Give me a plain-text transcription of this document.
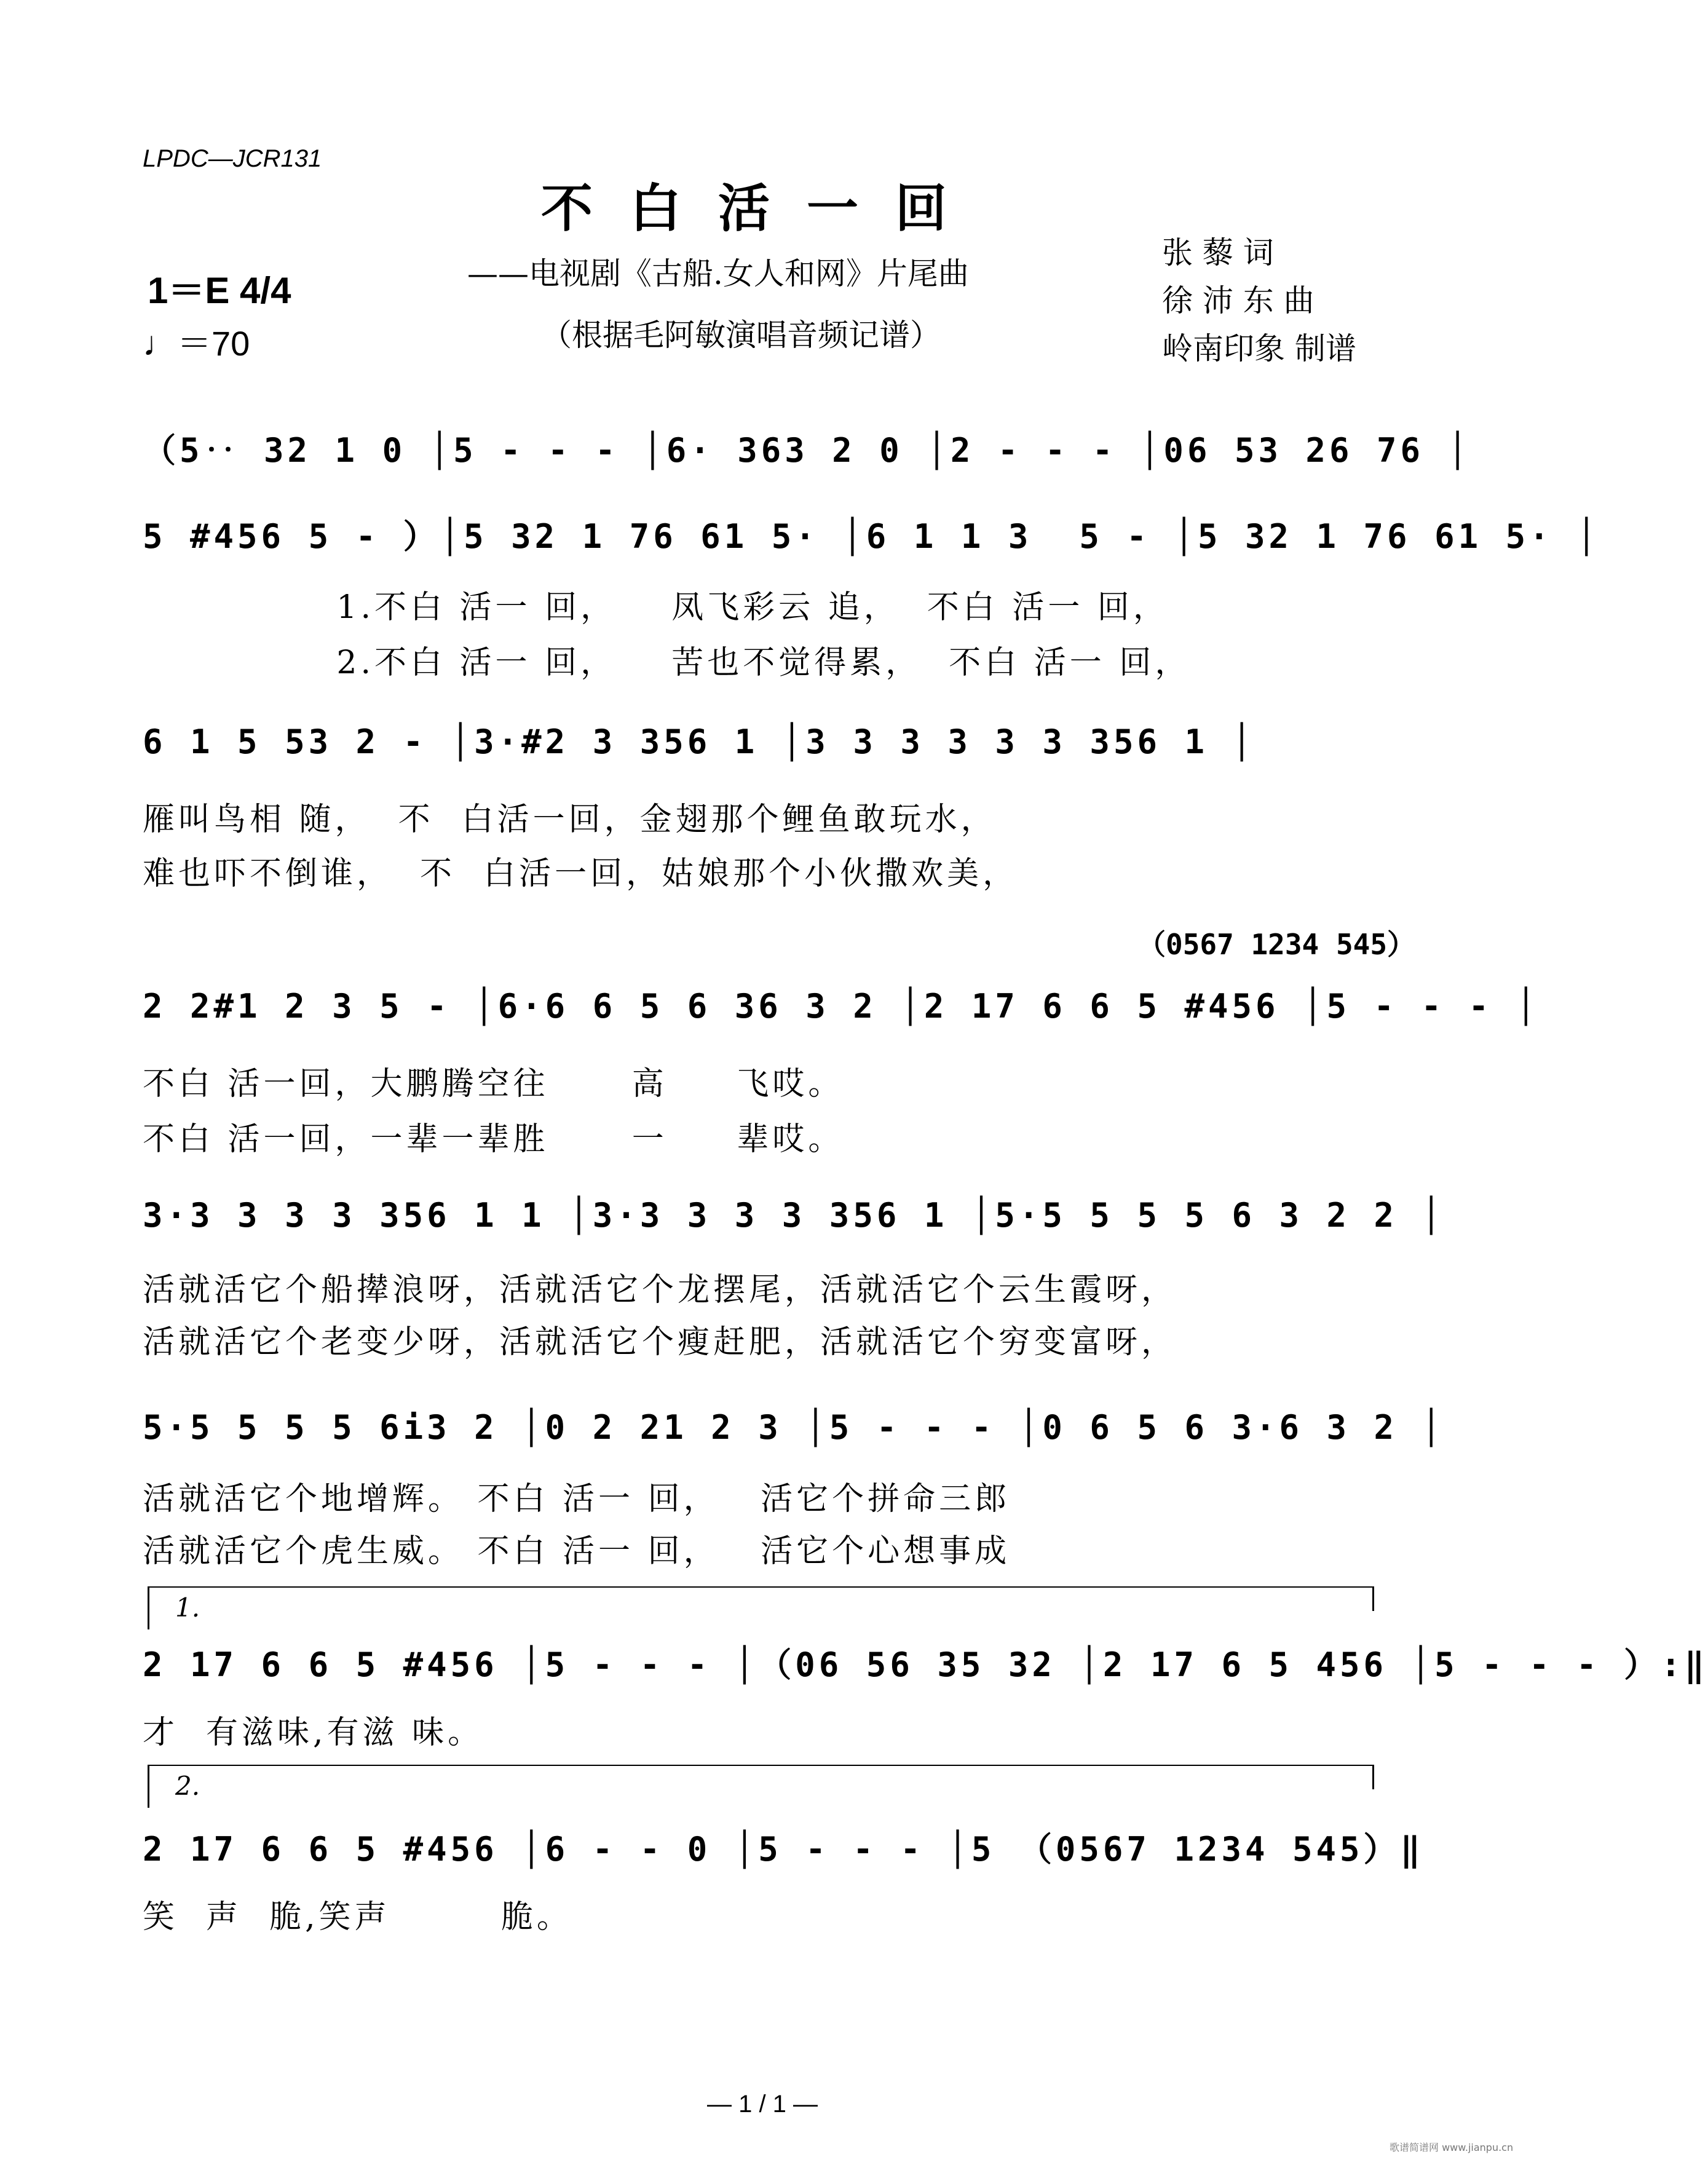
LPDC—JCR131
不白活一回
——电视剧《古船.女人和网》片尾曲
（根据毛阿敏演唱音频记谱）
张 藜 词
徐 沛 东 曲
岭南印象 制谱
1＝E 4/4
♩＝70
（5‥ 32 1 0 │5 - - - │6· 363 2 0 │2 - - - │06 53 26 76 │
5 #456 5 - ）│5 32 1 76 61 5· │6 1 1 3  5 - │5 32 1 76 61 5· │
1.不白 活一 回，    凤飞彩云 追，  不白 活一 回，
2.不白 活一 回，    苦也不觉得累，  不白 活一 回，
6 1 5 53 2 - │3·#2 3 356 1 │3 3 3 3 3 3 356 1 │
雁叫鸟相 随，  不  白活一回，金翅那个鲤鱼敢玩水，
难也吓不倒谁，  不  白活一回，姑娘那个小伙撒欢美，
（0567 1234 545）
2 2#1 2 3 5 - │6·6 6 5 6 36 3 2 │2 17 6 6 5 #456 │5 - - - │
不白 活一回，大鹏腾空往      高     飞哎。
不白 活一回，一辈一辈胜      一     辈哎。
3·3 3 3 3 356 1 1 │3·3 3 3 3 356 1 │5·5 5 5 5 6 3 2 2 │
活就活它个船撵浪呀，活就活它个龙摆尾，活就活它个云生霞呀，
活就活它个老变少呀，活就活它个瘦赶肥，活就活它个穷变富呀，
5·5 5 5 5 6i3 2 │0 2 21 2 3 │5 - - - │0 6 5 6 3·6 3 2 │
活就活它个地增辉。 不白 活一 回，   活它个拼命三郎
活就活它个虎生威。 不白 活一 回，   活它个心想事成
1.
2 17 6 6 5 #456 │5 - - - │（06 56 35 32 │2 17 6 5 456 │5 - - - ）:‖
才  有滋味,有滋 味。
2.
2 17 6 6 5 #456 │6 - - 0 │5 - - - │5 （0567 1234 545）‖
笑  声  脆,笑声        脆。
— 1 / 1 —
歌谱简谱网 www.jianpu.cn
